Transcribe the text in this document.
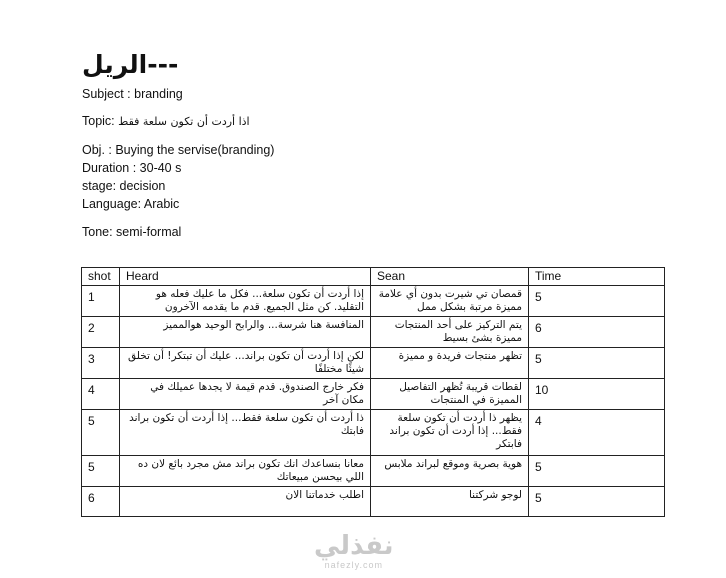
الريل---
Subject : branding
Topic: اذا أردت أن تكون سلعة فقط
Obj. : Buying the servise(branding)
Duration : 30-40 s
stage: decision
Language: Arabic
Tone: semi-formal
shot	Heard	Sean	Time
1	إذا أردت أن تكون سلعة... فكل ما عليك فعله هو التقليد. كن مثل الجميع. قدم ما يقدمه الآخرون	قمصان تي شيرت بدون أي علامة مميزة مرتبة بشكل ممل	5
2	المنافسة هنا شرسة... والرابح الوحيد هوالمميز	يتم التركيز على أحد المنتجات مميزة بشئ بسيط	6
3	لكن إذا أردت أن تكون براند... عليك أن تبتكر! أن تخلق شيئًا مختلفًا	تظهر منتجات فريدة و مميزة	5
4	فكر خارج الصندوق. قدم قيمة لا يجدها عميلك في مكان آخر	لقطات قريبة تُظهر التفاصيل المميزة في المنتجات	10
5	ذا أردت أن تكون سلعة فقط... إذا أردت أن تكون براند فابتك	يظهر ذا أردت أن تكون سلعة فقط... إذا أردت أن تكون براند فابتكر	4
5	معانا بنساعدك انك تكون براند مش مجرد بائع لان ده اللي بيحسن مبيعاتك	هوية بصرية وموقع لبراند ملابس	5
6	اطلب خدماتنا الان	لوجو شركتنا	5
نفذلي
nafezly.com
